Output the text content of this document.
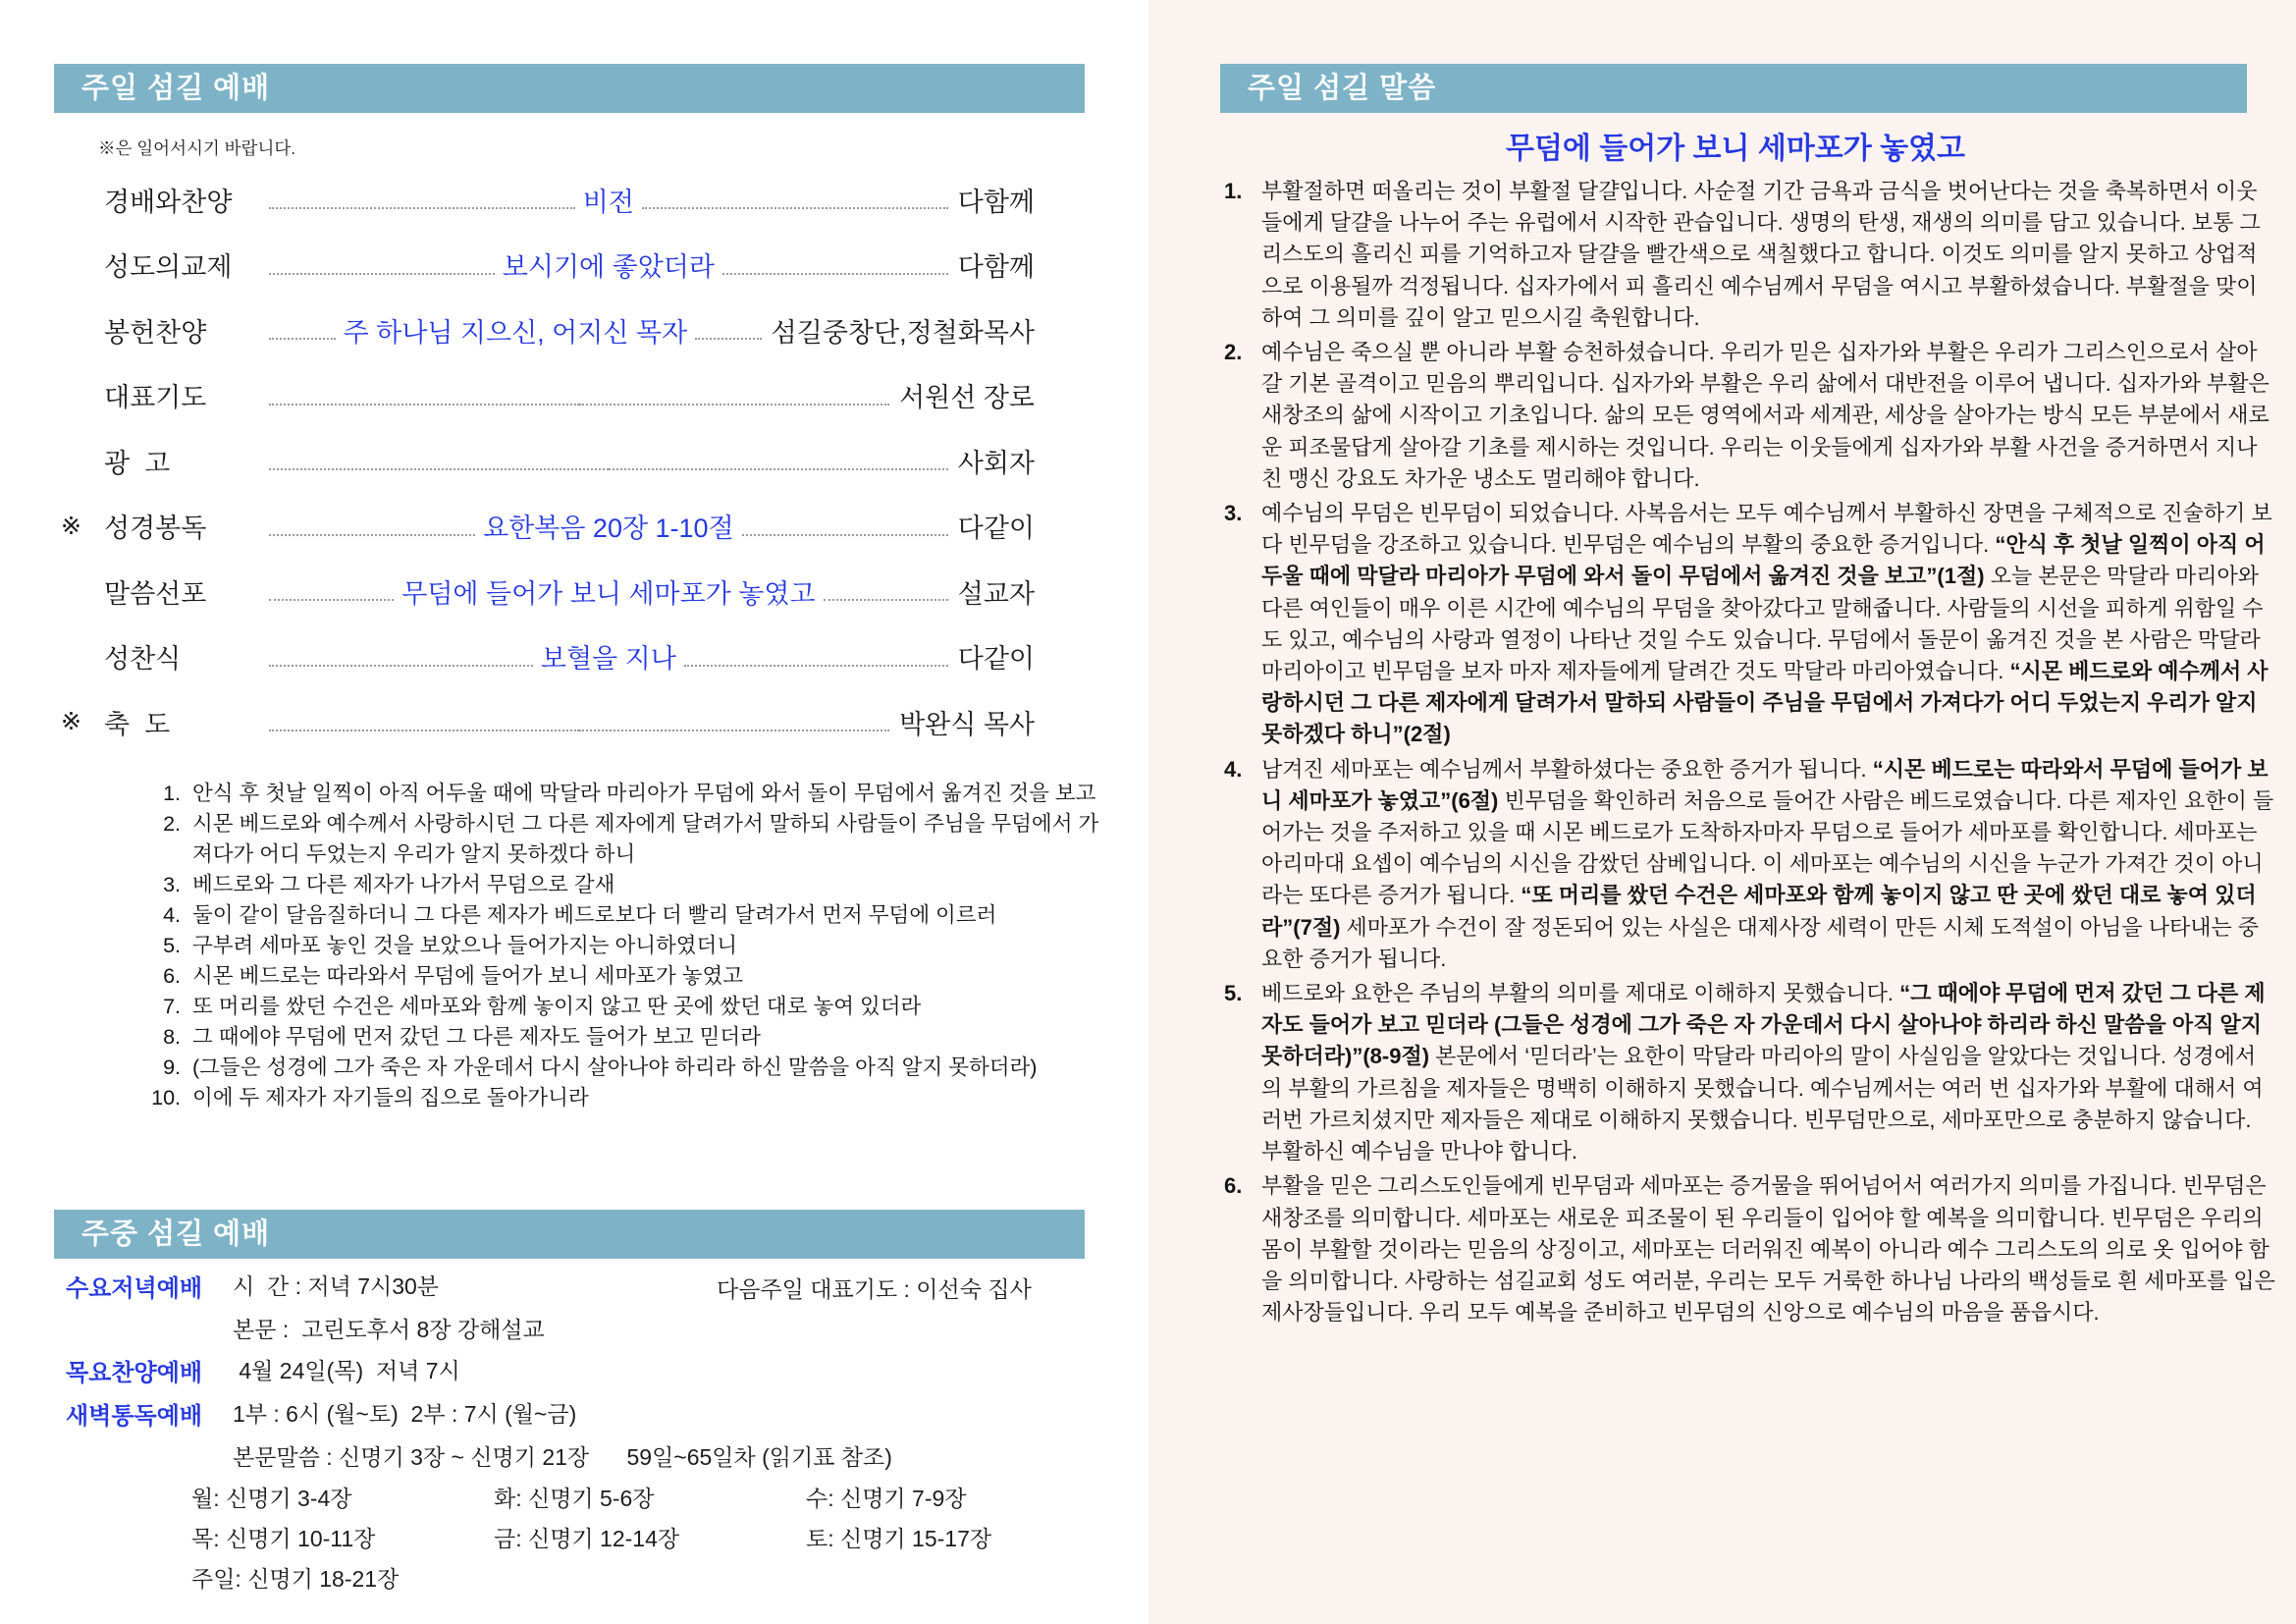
주일 섬길 예배
※은 일어서시기 바랍니다.
경배와찬양	비전	다함께
성도의교제	보시기에 좋았더라	다함께
봉헌찬양	주 하나님 지으신, 어지신 목자	섬길중창단,정철화목사
대표기도	서원선 장로
광  고	사회자
※ 성경봉독	요한복음 20장 1-10절	다같이
말씀선포	무덤에 들어가 보니 세마포가 놓였고	설교자
성찬식	보혈을 지나	다같이
※ 축  도	박완식 목사
1. 안식 후 첫날 일찍이 아직 어두울 때에 막달라 마리아가 무덤에 와서 돌이 무덤에서 옮겨진 것을 보고
2. 시몬 베드로와 예수께서 사랑하시던 그 다른 제자에게 달려가서 말하되 사람들이 주님을 무덤에서 가져다가 어디 두었는지 우리가 알지 못하겠다 하니
3. 베드로와 그 다른 제자가 나가서 무덤으로 갈새
4. 둘이 같이 달음질하더니 그 다른 제자가 베드로보다 더 빨리 달려가서 먼저 무덤에 이르러
5. 구부려 세마포 놓인 것을 보았으나 들어가지는 아니하였더니
6. 시몬 베드로는 따라와서 무덤에 들어가 보니 세마포가 놓였고
7. 또 머리를 쌌던 수건은 세마포와 함께 놓이지 않고 딴 곳에 쌌던 대로 놓여 있더라
8. 그 때에야 무덤에 먼저 갔던 그 다른 제자도 들어가 보고 믿더라
9. (그들은 성경에 그가 죽은 자 가운데서 다시 살아나야 하리라 하신 말씀을 아직 알지 못하더라)
10. 이에 두 제자가 자기들의 집으로 돌아가니라
주중 섬길 예배
다음주일 대표기도 : 이선숙 집사
수요저녁예배	시  간 : 저녁 7시30분
본문 :  고린도후서 8장 강해설교
목요찬양예배	4월 24일(목)  저녁 7시
새벽통독예배	1부 : 6시 (월~토)  2부 : 7시 (월~금)
본문말씀 : 신명기 3장 ~ 신명기 21장      59일~65일차 (읽기표 참조)
월: 신명기 3-4장	화: 신명기 5-6장	수: 신명기 7-9장
목: 신명기 10-11장	금: 신명기 12-14장	토: 신명기 15-17장
주일: 신명기 18-21장
주일 섬길 말씀
무덤에 들어가 보니 세마포가 놓였고
1. 부활절하면 떠올리는 것이 부활절 달걀입니다. 사순절 기간 금욕과 금식을 벗어난다는 것을 축복하면서 이웃들에게 달걀을 나누어 주는 유럽에서 시작한 관습입니다. 생명의 탄생, 재생의 의미를 담고 있습니다. 보통 그리스도의 흘리신 피를 기억하고자 달걀을 빨간색으로 색칠했다고 합니다. 이것도 의미를 알지 못하고 상업적으로 이용될까 걱정됩니다. 십자가에서 피 흘리신 예수님께서 무덤을 여시고 부활하셨습니다. 부활절을 맞이하여 그 의미를 깊이 알고 믿으시길 축원합니다.
2. 예수님은 죽으실 뿐 아니라 부활 승천하셨습니다. 우리가 믿은 십자가와 부활은 우리가 그리스인으로서 살아갈 기본 골격이고 믿음의 뿌리입니다. 십자가와 부활은 우리 삶에서 대반전을 이루어 냅니다. 십자가와 부활은 새창조의 삶에 시작이고 기초입니다. 삶의 모든 영역에서과 세계관, 세상을 살아가는 방식 모든 부분에서 새로운 피조물답게 살아갈 기초를 제시하는 것입니다. 우리는 이웃들에게 십자가와 부활 사건을 증거하면서 지나친 맹신 강요도 차가운 냉소도 멀리해야 합니다.
3. 예수님의 무덤은 빈무덤이 되었습니다. 사복음서는 모두 예수님께서 부활하신 장면을 구체적으로 진술하기 보다 빈무덤을 강조하고 있습니다. 빈무덤은 예수님의 부활의 중요한 증거입니다. “안식 후 첫날 일찍이 아직 어두울 때에 막달라 마리아가 무덤에 와서 돌이 무덤에서 옮겨진 것을 보고”(1절) 오늘 본문은 막달라 마리아와 다른 여인들이 매우 이른 시간에 예수님의 무덤을 찾아갔다고 말해줍니다. 사람들의 시선을 피하게 위함일 수도 있고, 예수님의 사랑과 열정이 나타난 것일 수도 있습니다. 무덤에서 돌문이 옮겨진 것을 본 사람은 막달라 마리아이고 빈무덤을 보자 마자 제자들에게 달려간 것도 막달라 마리아였습니다. “시몬 베드로와 예수께서 사랑하시던 그 다른 제자에게 달려가서 말하되 사람들이 주님을 무덤에서 가져다가 어디 두었는지 우리가 알지 못하겠다 하니”(2절)
4. 남겨진 세마포는 예수님께서 부활하셨다는 중요한 증거가 됩니다. “시몬 베드로는 따라와서 무덤에 들어가 보니 세마포가 놓였고”(6절) 빈무덤을 확인하러 처음으로 들어간 사람은 베드로였습니다. 다른 제자인 요한이 들어가는 것을 주저하고 있을 때 시몬 베드로가 도착하자마자 무덤으로 들어가 세마포를 확인합니다. 세마포는 아리마대 요셉이 예수님의 시신을 감쌌던 삼베입니다. 이 세마포는 예수님의 시신을 누군가 가져간 것이 아니라는 또다른 증거가 됩니다. “또 머리를 쌌던 수건은 세마포와 함께 놓이지 않고 딴 곳에 쌌던 대로 놓여 있더라”(7절) 세마포가 수건이 잘 정돈되어 있는 사실은 대제사장 세력이 만든 시체 도적설이 아님을 나타내는 중요한 증거가 됩니다.
5. 베드로와 요한은 주님의 부활의 의미를 제대로 이해하지 못했습니다. “그 때에야 무덤에 먼저 갔던 그 다른 제자도 들어가 보고 믿더라 (그들은 성경에 그가 죽은 자 가운데서 다시 살아나야 하리라 하신 말씀을 아직 알지 못하더라)”(8-9절) 본문에서 ‘믿더라’는 요한이 막달라 마리아의 말이 사실임을 알았다는 것입니다. 성경에서의 부활의 가르침을 제자들은 명백히 이해하지 못했습니다. 예수님께서는 여러 번 십자가와 부활에 대해서 여러번 가르치셨지만 제자들은 제대로 이해하지 못했습니다. 빈무덤만으로, 세마포만으로 충분하지 않습니다. 부활하신 예수님을 만나야 합니다.
6. 부활을 믿은 그리스도인들에게 빈무덤과 세마포는 증거물을 뛰어넘어서 여러가지 의미를 가집니다. 빈무덤은 새창조를 의미합니다. 세마포는 새로운 피조물이 된 우리들이 입어야 할 예복을 의미합니다. 빈무덤은 우리의 몸이 부활할 것이라는 믿음의 상징이고, 세마포는 더러워진 예복이 아니라 예수 그리스도의 의로 옷 입어야 함을 의미합니다. 사랑하는 섬길교회 성도 여러분, 우리는 모두 거룩한 하나님 나라의 백성들로 흰 세마포를 입은 제사장들입니다. 우리 모두 예복을 준비하고 빈무덤의 신앙으로 예수님의 마음을 품읍시다.
